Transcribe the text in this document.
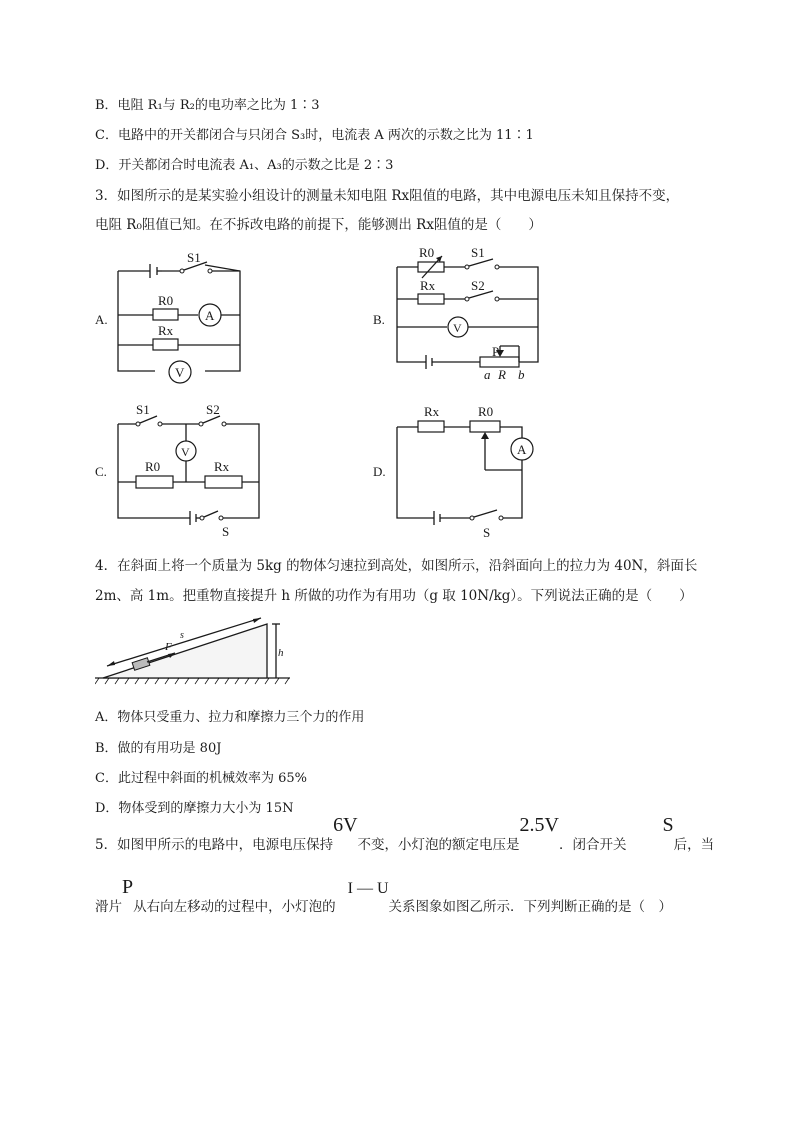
B．电阻 R₁与 R₂的电功率之比为 1∶3
C．电路中的开关都闭合与只闭合 S₃时，电流表 A 两次的示数之比为 11∶1
D．开关都闭合时电流表 A₁、A₃的示数之比是 2∶3
3．如图所示的是某实验小组设计的测量未知电阻 Rx阻值的电路，其中电源电压未知且保持不变，
电阻 R₀阻值已知。在不拆改电路的前提下，能够测出 Rx阻值的是（　　）
A.
S1
A
R0
Rx
V
B.
R0	S1
Rx	S2
V
P
a R b
C.
S1	S2
V
R0	Rx
S
D.
Rx	R0
A
S
4．在斜面上将一个质量为 5kg 的物体匀速拉到高处，如图所示，沿斜面向上的拉力为 40N，斜面长
2m、高 1m。把重物直接提升 h 所做的功作为有用功（g 取 10N/kg）。下列说法正确的是（　　）
s
F	h
A．物体只受重力、拉力和摩擦力三个力的作用
B．做的有用功是 80J
C．此过程中斜面的机械效率为 65%
D．物体受到的摩擦力大小为 15N
5．如图甲所示的电路中，电源电压保持6V不变，小灯泡的额定电压是2.5V．闭合开关S后，当
滑片P从右向左移动的过程中，小灯泡的I — U关系图象如图乙所示．下列判断正确的是（　）
